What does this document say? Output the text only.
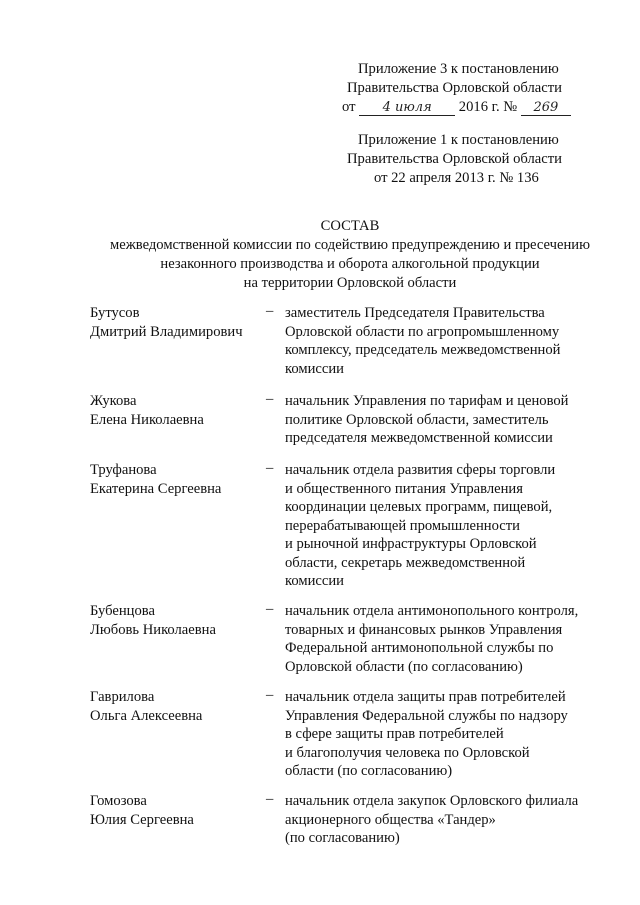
Приложение 3 к постановлению
Правительства Орловской области
от 4 июля 2016 г. № 269
Приложение 1 к постановлению
Правительства Орловской области
от 22 апреля 2013 г. № 136
СОСТАВ
межведомственной комиссии по содействию предупреждению и пресечению
незаконного производства и оборота алкогольной продукции
на территории Орловской области
Бутусов
Дмитрий Владимирович
– заместитель Председателя Правительства
Орловской области по агропромышленному
комплексу, председатель межведомственной
комиссии
Жукова
Елена Николаевна
– начальник Управления по тарифам и ценовой
политике Орловской области, заместитель
председателя межведомственной комиссии
Труфанова
Екатерина Сергеевна
– начальник отдела развития сферы торговли
и общественного питания Управления
координации целевых программ, пищевой,
перерабатывающей промышленности
и рыночной инфраструктуры Орловской
области, секретарь межведомственной
комиссии
Бубенцова
Любовь Николаевна
– начальник отдела антимонопольного контроля,
товарных и финансовых рынков Управления
Федеральной антимонопольной службы по
Орловской области (по согласованию)
Гаврилова
Ольга Алексеевна
– начальник отдела защиты прав потребителей
Управления Федеральной службы по надзору
в сфере защиты прав потребителей
и благополучия человека по Орловской
области (по согласованию)
Гомозова
Юлия Сергеевна
– начальник отдела закупок Орловского филиала
акционерного общества «Тандер»
(по согласованию)
